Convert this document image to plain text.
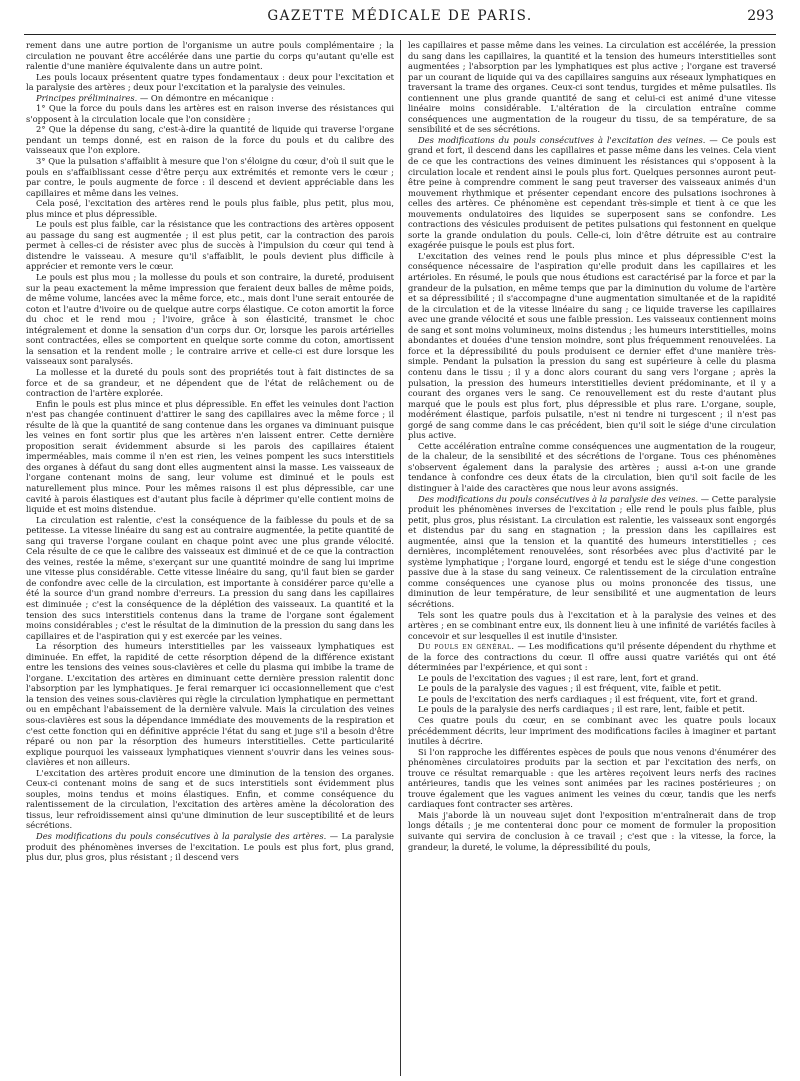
GAZETTE MÉDICALE DE PARIS.	293

rement dans une autre portion de l'organisme un autre pouls complémentaire ; la circulation ne pouvant être accélérée dans une partie du corps qu'autant qu'elle est ralentie d'une manière équivalente dans un autre point.

Les pouls locaux présentent quatre types fondamentaux : deux pour l'excitation et la paralysie des artères ; deux pour l'excitation et la paralysie des veinules.

Principes préliminaires. — On démontre en mécanique :

1° Que la force du pouls dans les artères est en raison inverse des résistances qui s'opposent à la circulation locale que l'on considère ;

2° Que la dépense du sang, c'est-à-dire la quantité de liquide qui traverse l'organe pendant un temps donné, est en raison de la force du pouls et du calibre des vaisseaux que l'on explore.

3° Que la pulsation s'affaiblit à mesure que l'on s'éloigne du cœur, d'où il suit que le pouls en s'affaiblissant cesse d'être perçu aux extrémités et remonte vers le cœur ; par contre, le pouls augmente de force : il descend et devient appréciable dans les capillaires et même dans les veines.

Cela posé, l'excitation des artères rend le pouls plus faible, plus petit, plus mou, plus mince et plus dépressible.

Le pouls est plus faible, car la résistance que les contractions des artères opposent au passage du sang est augmentée ; il est plus petit, car la contraction des parois permet à celles-ci de résister avec plus de succès à l'impulsion du cœur qui tend à distendre le vaisseau. A mesure qu'il s'affaiblit, le pouls devient plus difficile à apprécier et remonte vers le cœur.

Le pouls est plus mou ; la mollesse du pouls et son contraire, la dureté, produisent sur la peau exactement la même impression que feraient deux balles de même poids, de même volume, lancées avec la même force, etc., mais dont l'une serait entourée de coton et l'autre d'ivoire ou de quelque autre corps élastique. Ce coton amortit la force du choc et le rend mou ; l'ivoire, grâce à son élasticité, transmet le choc intégralement et donne la sensation d'un corps dur. Or, lorsque les parois artérielles sont contractées, elles se comportent en quelque sorte comme du coton, amortissent la sensation et la rendent molle ; le contraire arrive et celle-ci est dure lorsque les vaisseaux sont paralysés.

La mollesse et la dureté du pouls sont des propriétés tout à fait distinctes de sa force et de sa grandeur, et ne dépendent que de l'état de relâchement ou de contraction de l'artère explorée.

Enfin le pouls est plus mince et plus dépressible. En effet les veinules dont l'action n'est pas changée continuent d'attirer le sang des capillaires avec la même force ; il résulte de là que la quantité de sang contenue dans les organes va diminuant puisque les veines en font sortir plus que les artères n'en laissent entrer. Cette dernière proposition serait évidemment absurde si les parois des capillaires étaient imperméables, mais comme il n'en est rien, les veines pompent les sucs interstitiels des organes à défaut du sang dont elles augmentent ainsi la masse. Les vaisseaux de l'organe contenant moins de sang, leur volume est diminué et le pouls est naturellement plus mince. Pour les mêmes raisons il est plus dépressible, car une cavité à parois élastiques est d'autant plus facile à déprimer qu'elle contient moins de liquide et est moins distendue.

La circulation est ralentie, c'est la conséquence de la faiblesse du pouls et de sa petitesse. La vitesse linéaire du sang est au contraire augmentée, la petite quantité de sang qui traverse l'organe coulant en chaque point avec une plus grande vélocité. Cela résulte de ce que le calibre des vaisseaux est diminué et de ce que la contraction des veines, restée la même, s'exerçant sur une quantité moindre de sang lui imprime une vitesse plus considérable. Cette vitesse linéaire du sang, qu'il faut bien se garder de confondre avec celle de la circulation, est importante à considérer parce qu'elle a été la source d'un grand nombre d'erreurs. La pression du sang dans les capillaires est diminuée ; c'est la conséquence de la déplétion des vaisseaux. La quantité et la tension des sucs interstitiels contenus dans la trame de l'organe sont également moins considérables ; c'est le résultat de la diminution de la pression du sang dans les capillaires et de l'aspiration qui y est exercée par les veines.

La résorption des humeurs interstitielles par les vaisseaux lymphatiques est diminuée. En effet, la rapidité de cette résorption dépend de la différence existant entre les tensions des veines sous-clavières et celle du plasma qui imbibe la trame de l'organe. L'excitation des artères en diminuant cette dernière pression ralentit donc l'absorption par les lymphatiques. Je ferai remarquer ici occasionnellement que c'est la tension des veines sous-clavières qui règle la circulation lymphatique en permettant ou en empêchant l'abaissement de la dernière valvule. Mais la circulation des veines sous-clavières est sous la dépendance immédiate des mouvements de la respiration et c'est cette fonction qui en définitive apprécie l'état du sang et juge s'il a besoin d'être réparé ou non par la résorption des humeurs interstitielles. Cette particularité explique pourquoi les vaisseaux lymphatiques viennent s'ouvrir dans les veines sous-clavières et non ailleurs.

L'excitation des artères produit encore une diminution de la tension des organes. Ceux-ci contenant moins de sang et de sucs interstitiels sont évidemment plus souples, moins tendus et moins élastiques. Enfin, et comme conséquence du ralentissement de la circulation, l'excitation des artères amène la décoloration des tissus, leur refroidissement ainsi qu'une diminution de leur susceptibilité et de leurs sécrétions.

Des modifications du pouls consécutives à la paralysie des artères. — La paralysie produit des phénomènes inverses de l'excitation. Le pouls est plus fort, plus grand, plus dur, plus gros, plus résistant ; il descend vers

les capillaires et passe même dans les veines. La circulation est accélérée, la pression du sang dans les capillaires, la quantité et la tension des humeurs interstitielles sont augmentées ; l'absorption par les lymphatiques est plus active ; l'organe est traversé par un courant de liquide qui va des capillaires sanguins aux réseaux lymphatiques en traversant la trame des organes. Ceux-ci sont tendus, turgides et même pulsatiles. Ils contiennent une plus grande quantité de sang et celui-ci est animé d'une vitesse linéaire moins considérable. L'altération de la circulation entraîne comme conséquences une augmentation de la rougeur du tissu, de sa température, de sa sensibilité et de ses sécrétions.

Des modifications du pouls consécutives à l'excitation des veines. — Ce pouls est grand et fort, il descend dans les capillaires et passe même dans les veines. Cela vient de ce que les contractions des veines diminuent les résistances qui s'opposent à la circulation locale et rendent ainsi le pouls plus fort. Quelques personnes auront peut-être peine à comprendre comment le sang peut traverser des vaisseaux animés d'un mouvement rhythmique et présenter cependant encore des pulsations isochrones à celles des artères. Ce phénomène est cependant très-simple et tient à ce que les mouvements ondulatoires des liquides se superposent sans se confondre. Les contractions des vésicules produisent de petites pulsations qui festonnent en quelque sorte la grande ondulation du pouls. Celle-ci, loin d'être détruite est au contraire exagérée puisque le pouls est plus fort.

L'excitation des veines rend le pouls plus mince et plus dépressible C'est la conséquence nécessaire de l'aspiration qu'elle produit dans les capillaires et les artérioles. En résumé, le pouls que nous étudions est caractérisé par la force et par la grandeur de la pulsation, en même temps que par la diminution du volume de l'artère et sa dépressibilité ; il s'accompagne d'une augmentation simultanée et de la rapidité de la circulation et de la vitesse linéaire du sang ; ce liquide traverse les capillaires avec une grande vélocité et sous une faible pression. Les vaisseaux contiennent moins de sang et sont moins volumineux, moins distendus ; les humeurs interstitielles, moins abondantes et douées d'une tension moindre, sont plus fréquemment renouvelées. La force et la dépressibilité du pouls produisent ce dernier effet d'une manière très-simple. Pendant la pulsation la pression du sang est supérieure à celle du plasma contenu dans le tissu ; il y a donc alors courant du sang vers l'organe ; après la pulsation, la pression des humeurs interstitielles devient prédominante, et il y a courant des organes vers le sang. Ce renouvellement est du reste d'autant plus marqué que le pouls est plus fort, plus dépressible et plus rare. L'organe, souple, modérément élastique, parfois pulsatile, n'est ni tendre ni turgescent ; il n'est pas gorgé de sang comme dans le cas précédent, bien qu'il soit le siége d'une circulation plus active.

Cette accélération entraîne comme conséquences une augmentation de la rougeur, de la chaleur, de la sensibilité et des sécrétions de l'organe. Tous ces phénomènes s'observent également dans la paralysie des artères ; aussi a-t-on une grande tendance à confondre ces deux états de la circulation, bien qu'il soit facile de les distinguer à l'aide des caractères que nous leur avons assignés.

Des modifications du pouls consécutives à la paralysie des veines. — Cette paralysie produit les phénomènes inverses de l'excitation ; elle rend le pouls plus faible, plus petit, plus gros, plus résistant. La circulation est ralentie, les vaisseaux sont engorgés et distendus par du sang en stagnation ; la pression dans les capillaires est augmentée, ainsi que la tension et la quantité des humeurs interstitielles ; ces dernières, incomplétement renouvelées, sont résorbées avec plus d'activité par le système lymphatique ; l'organe lourd, engorgé et tendu est le siége d'une congestion passive due à la stase du sang veineux. Ce ralentissement de la circulation entraîne comme conséquences une cyanose plus ou moins prononcée des tissus, une diminution de leur température, de leur sensibilité et une augmentation de leurs sécrétions.

Tels sont les quatre pouls dus à l'excitation et à la paralysie des veines et des artères ; en se combinant entre eux, ils donnent lieu à une infinité de variétés faciles à concevoir et sur lesquelles il est inutile d'insister.

Du pouls en général. — Les modifications qu'il présente dépendent du rhythme et de la force des contractions du cœur. Il offre aussi quatre variétés qui ont été déterminées par l'expérience, et qui sont :

Le pouls de l'excitation des vagues ; il est rare, lent, fort et grand.

Le pouls de la paralysie des vagues ; il est fréquent, vite, faible et petit.

Le pouls de l'excitation des nerfs cardiaques ; il est fréquent, vite, fort et grand.

Le pouls de la paralysie des nerfs cardiaques ; il est rare, lent, faible et petit.

Ces quatre pouls du cœur, en se combinant avec les quatre pouls locaux précédemment décrits, leur impriment des modifications faciles à imaginer et partant inutiles à décrire.

Si l'on rapproche les différentes espèces de pouls que nous venons d'énumérer des phénomènes circulatoires produits par la section et par l'excitation des nerfs, on trouve ce résultat remarquable : que les artères reçoivent leurs nerfs des racines antérieures, tandis que les veines sont animées par les racines postérieures ; on trouve également que les vagues animent les veines du cœur, tandis que les nerfs cardiaques font contracter ses artères.

Mais j'aborde là un nouveau sujet dont l'exposition m'entraînerait dans de trop longs détails ; je me contenterai donc pour ce moment de formuler la proposition suivante qui servira de conclusion à ce travail ; c'est que : la vitesse, la force, la grandeur, la dureté, le volume, la dépressibilité du pouls,
